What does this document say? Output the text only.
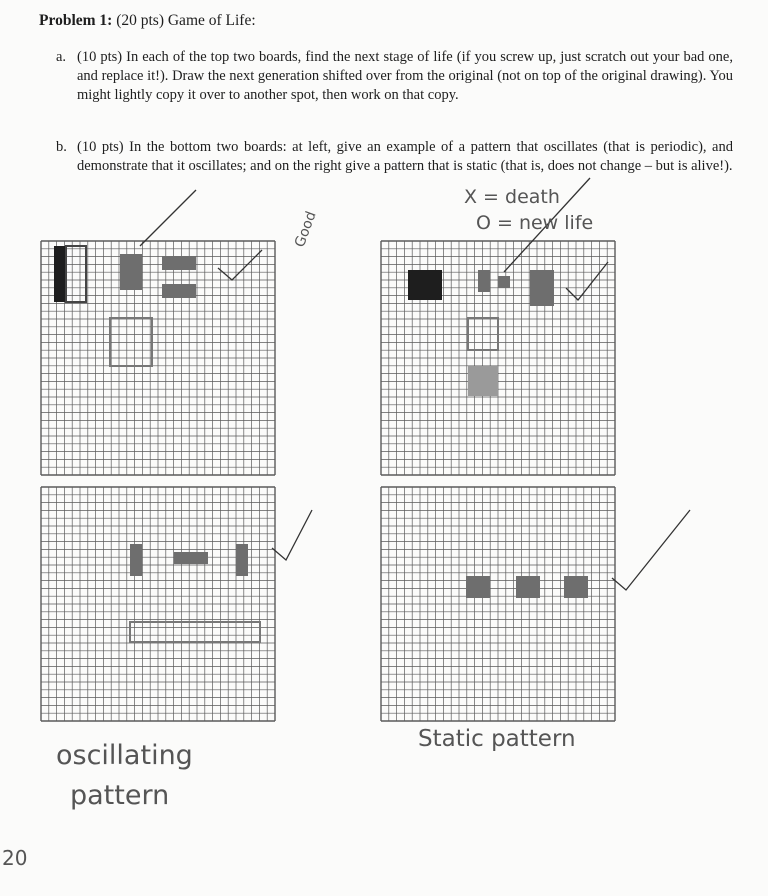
Problem 1: (20 pts) Game of Life:
a. (10 pts) In each of the top two boards, find the next stage of life (if you screw up, just scratch out your bad one, and replace it!). Draw the next generation shifted over from the original (not on top of the original drawing). You might lightly copy it over to another spot, then work on that copy.
b. (10 pts) In the bottom two boards: at left, give an example of a pattern that oscillates (that is periodic), and demonstrate that it oscillates; and on the right give a pattern that is static (that is, does not change – but is alive!).
Good
X = death
O = new life
oscillating
pattern
Static pattern
20
